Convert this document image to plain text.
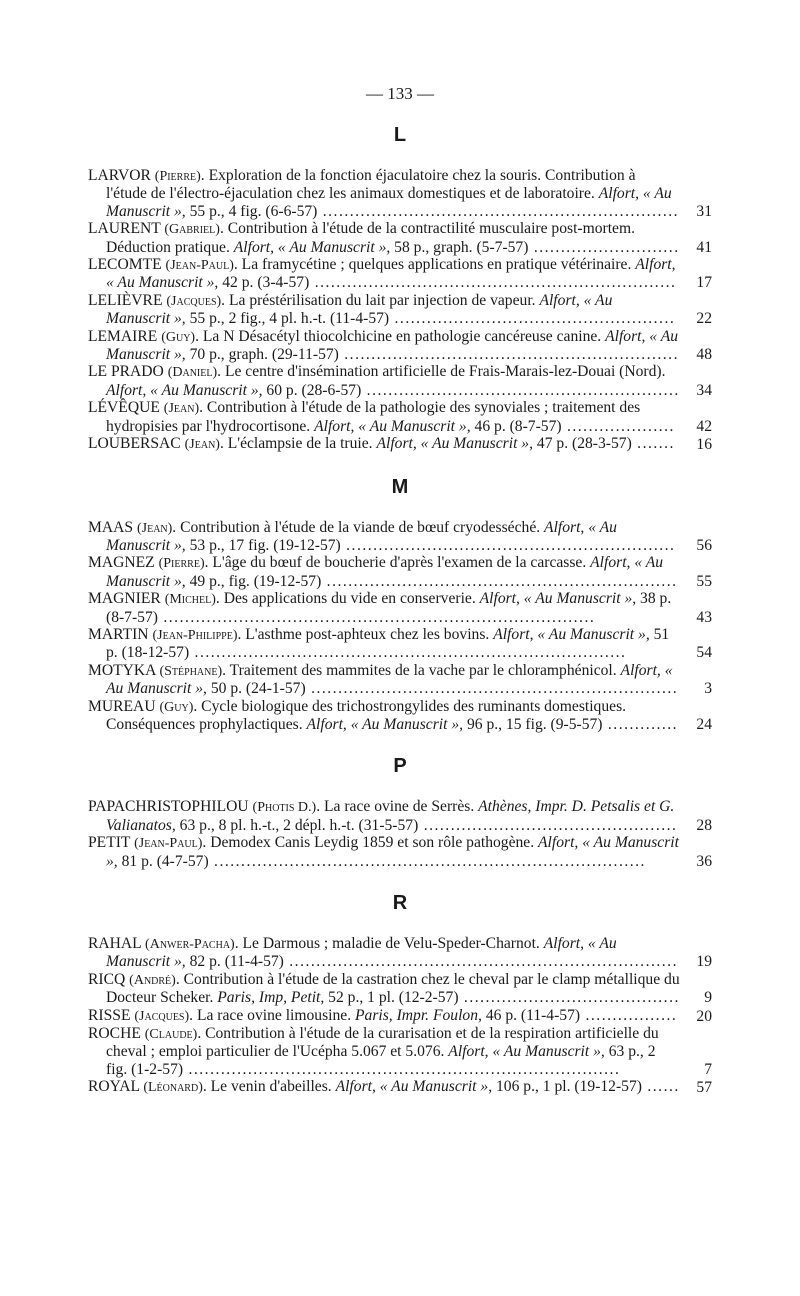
— 133 —
L

LARVOR (Pierre). Exploration de la fonction éjaculatoire chez la souris. Contribution à l'étude de l'électro-éjaculation chez les animaux domestiques et de laboratoire. Alfort, « Au Manuscrit », 55 p., 4 fig. (6-6-57) ..................................................................	31

LAURENT (Gabriel). Contribution à l'étude de la contractilité musculaire post-mortem. Déduction pratique. Alfort, « Au Manuscrit », 58 p., graph. (5-7-57) ...........................	41

LECOMTE (Jean-Paul). La framycétine ; quelques applications en pratique vétérinaire. Alfort, « Au Manuscrit », 42 p. (3-4-57) ...................................................................	17

LELIÈVRE (Jacques). La préstérilisation du lait par injection de vapeur. Alfort, « Au Manuscrit », 55 p., 2 fig., 4 pl. h.-t. (11-4-57) ....................................................	22

LEMAIRE (Guy). La N Désacétyl thiocolchicine en pathologie cancéreuse canine. Alfort, « Au Manuscrit », 70 p., graph. (29-11-57) ..............................................................	48

LE PRADO (Daniel). Le centre d'insémination artificielle de Frais-Marais-lez-Douai (Nord). Alfort, « Au Manuscrit », 60 p. (28-6-57) ..........................................................	34

LÉVÊQUE (Jean). Contribution à l'étude de la pathologie des synoviales ; traitement des hydropisies par l'hydrocortisone. Alfort, « Au Manuscrit », 46 p. (8-7-57) ....................	42

LOUBERSAC (Jean). L'éclampsie de la truie. Alfort, « Au Manuscrit », 47 p. (28-3-57) .......	16

M

MAAS (Jean). Contribution à l'étude de la viande de bœuf cryodesséché. Alfort, « Au Manuscrit », 53 p., 17 fig. (19-12-57) .............................................................	56

MAGNEZ (Pierre). L'âge du bœuf de boucherie d'après l'examen de la carcasse. Alfort, « Au Manuscrit », 49 p., fig. (19-12-57) .................................................................	55

MAGNIER (Michel). Des applications du vide en conserverie. Alfort, « Au Manuscrit », 38 p. (8-7-57) ................................................................................	43

MARTIN (Jean-Philippe). L'asthme post-aphteux chez les bovins. Alfort, « Au Manuscrit », 51 p. (18-12-57) ................................................................................	54

MOTYKA (Stéphane). Traitement des mammites de la vache par le chloramphénicol. Alfort, « Au Manuscrit », 50 p. (24-1-57) ....................................................................	3

MUREAU (Guy). Cycle biologique des trichostrongylides des ruminants domestiques. Conséquences prophylactiques. Alfort, « Au Manuscrit », 96 p., 15 fig. (9-5-57) .............	24

P

PAPACHRISTOPHILOU (Photis D.). La race ovine de Serrès. Athènes, Impr. D. Petsalis et G. Valianatos, 63 p., 8 pl. h.-t., 2 dépl. h.-t. (31-5-57) ...............................................	28

PETIT (Jean-Paul). Demodex Canis Leydig 1859 et son rôle pathogène. Alfort, « Au Manuscrit », 81 p. (4-7-57) ................................................................................	36

R

RAHAL (Anwer-Pacha). Le Darmous ; maladie de Velu-Speder-Charnot. Alfort, « Au Manuscrit », 82 p. (11-4-57) ........................................................................	19

RICQ (André). Contribution à l'étude de la castration chez le cheval par le clamp métallique du Docteur Scheker. Paris, Imp, Petit, 52 p., 1 pl. (12-2-57) ........................................	9

RISSE (Jacques). La race ovine limousine. Paris, Impr. Foulon, 46 p. (11-4-57) .................	20

ROCHE (Claude). Contribution à l'étude de la curarisation et de la respiration artificielle du cheval ; emploi particulier de l'Ucépha 5.067 et 5.076. Alfort, « Au Manuscrit », 63 p., 2 fig. (1-2-57) ................................................................................	7

ROYAL (Léonard). Le venin d'abeilles. Alfort, « Au Manuscrit », 106 p., 1 pl. (19-12-57) ......	57
